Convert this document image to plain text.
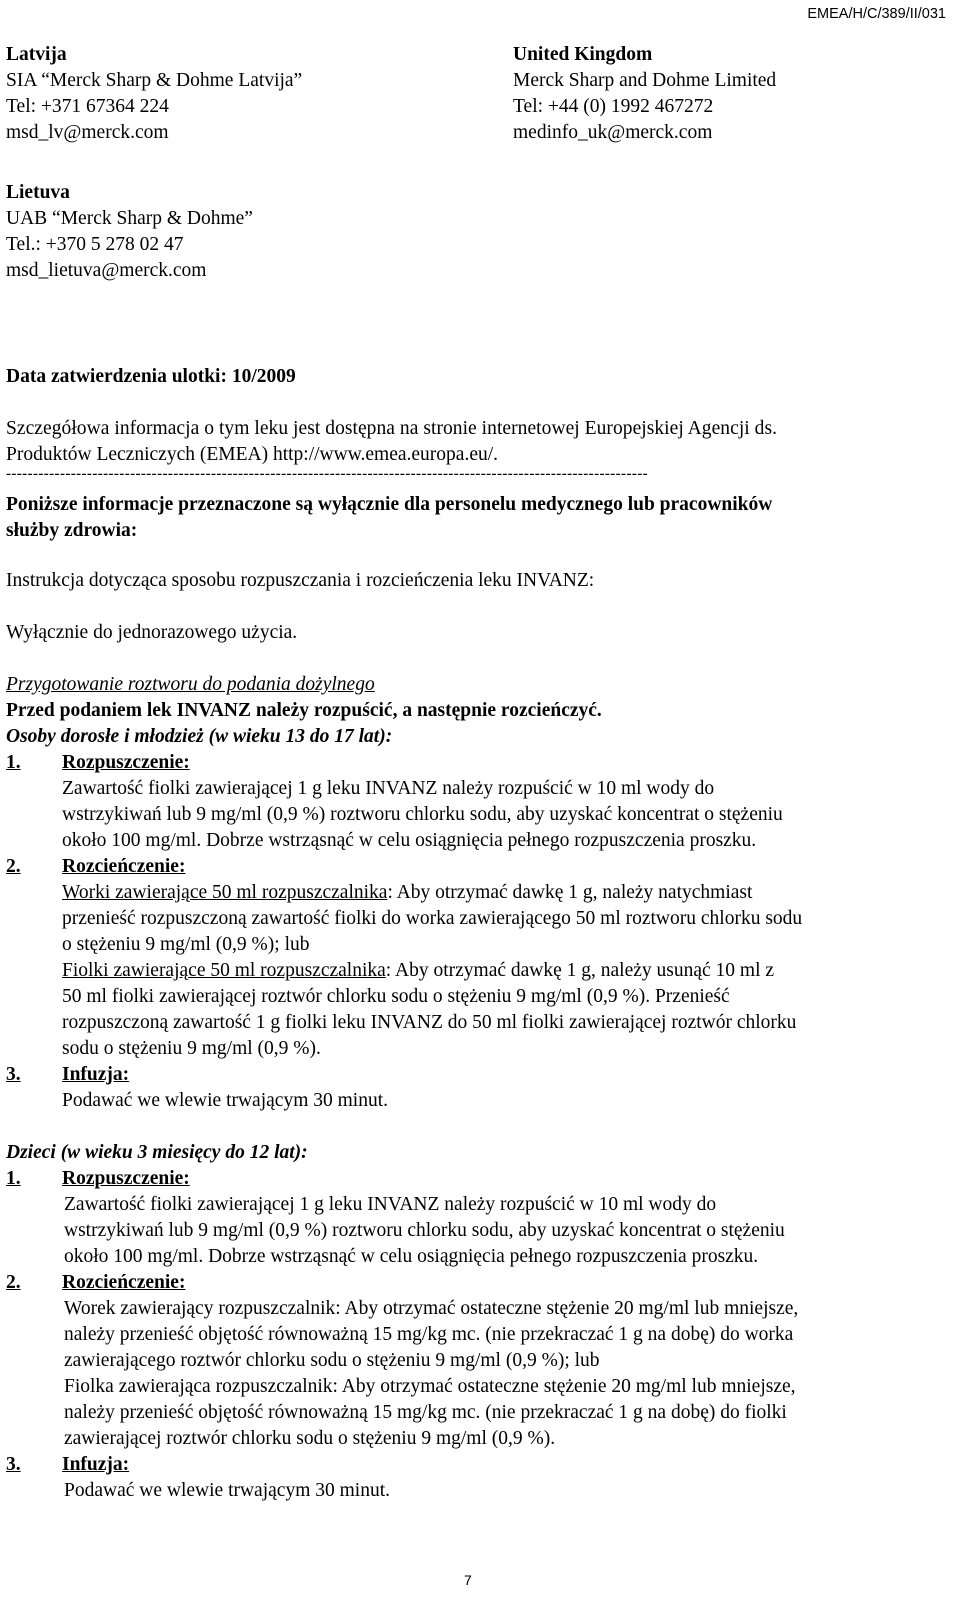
EMEA/H/C/389/II/031
Latvija
SIA “Merck Sharp & Dohme Latvija”
Tel: +371 67364 224
msd_lv@merck.com
United Kingdom
Merck Sharp and Dohme Limited
Tel: +44 (0) 1992 467272
medinfo_uk@merck.com
Lietuva
UAB “Merck Sharp & Dohme”
Tel.: +370 5 278 02 47
msd_lietuva@merck.com
Data zatwierdzenia ulotki: 10/2009
Szczegółowa informacja o tym leku jest dostępna na stronie internetowej Europejskiej Agencji ds.
Produktów Leczniczych (EMEA) http://www.emea.europa.eu/.
-----------------------------------------------------------------------------------------------------------------------
Poniższe informacje przeznaczone są wyłącznie dla personelu medycznego lub pracowników
służby zdrowia:
Instrukcja dotycząca sposobu rozpuszczania i rozcieńczenia leku INVANZ:
Wyłącznie do jednorazowego użycia.
Przygotowanie roztworu do podania dożylnego
Przed podaniem lek INVANZ należy rozpuścić, a następnie rozcieńczyć.
Osoby dorosłe i młodzież (w wieku 13 do 17 lat):
1. Rozpuszczenie:
Zawartość fiolki zawierającej 1 g leku INVANZ należy rozpuścić w 10 ml wody do
wstrzykiwań lub 9 mg/ml (0,9 %) roztworu chlorku sodu, aby uzyskać koncentrat o stężeniu
około 100 mg/ml. Dobrze wstrząsnąć w celu osiągnięcia pełnego rozpuszczenia proszku.
2. Rozcieńczenie:
Worki zawierające 50 ml rozpuszczalnika: Aby otrzymać dawkę 1 g, należy natychmiast
przenieść rozpuszczoną zawartość fiolki do worka zawierającego 50 ml roztworu chlorku sodu
o stężeniu 9 mg/ml (0,9 %); lub
Fiolki zawierające 50 ml rozpuszczalnika: Aby otrzymać dawkę 1 g, należy usunąć 10 ml z
50 ml fiolki zawierającej roztwór chlorku sodu o stężeniu 9 mg/ml (0,9 %). Przenieść
rozpuszczoną zawartość 1 g fiolki leku INVANZ do 50 ml fiolki zawierającej roztwór chlorku
sodu o stężeniu 9 mg/ml (0,9 %).
3. Infuzja:
Podawać we wlewie trwającym 30 minut.
Dzieci (w wieku 3 miesięcy do 12 lat):
1. Rozpuszczenie:
Zawartość fiolki zawierającej 1 g leku INVANZ należy rozpuścić w 10 ml wody do
wstrzykiwań lub 9 mg/ml (0,9 %) roztworu chlorku sodu, aby uzyskać koncentrat o stężeniu
około 100 mg/ml. Dobrze wstrząsnąć w celu osiągnięcia pełnego rozpuszczenia proszku.
2. Rozcieńczenie:
Worek zawierający rozpuszczalnik: Aby otrzymać ostateczne stężenie 20 mg/ml lub mniejsze,
należy przenieść objętość równoważną 15 mg/kg mc. (nie przekraczać 1 g na dobę) do worka
zawierającego roztwór chlorku sodu o stężeniu 9 mg/ml (0,9 %); lub
Fiolka zawierająca rozpuszczalnik: Aby otrzymać ostateczne stężenie 20 mg/ml lub mniejsze,
należy przenieść objętość równoważną 15 mg/kg mc. (nie przekraczać 1 g na dobę) do fiolki
zawierającej roztwór chlorku sodu o stężeniu 9 mg/ml (0,9 %).
3. Infuzja:
Podawać we wlewie trwającym 30 minut.
7
